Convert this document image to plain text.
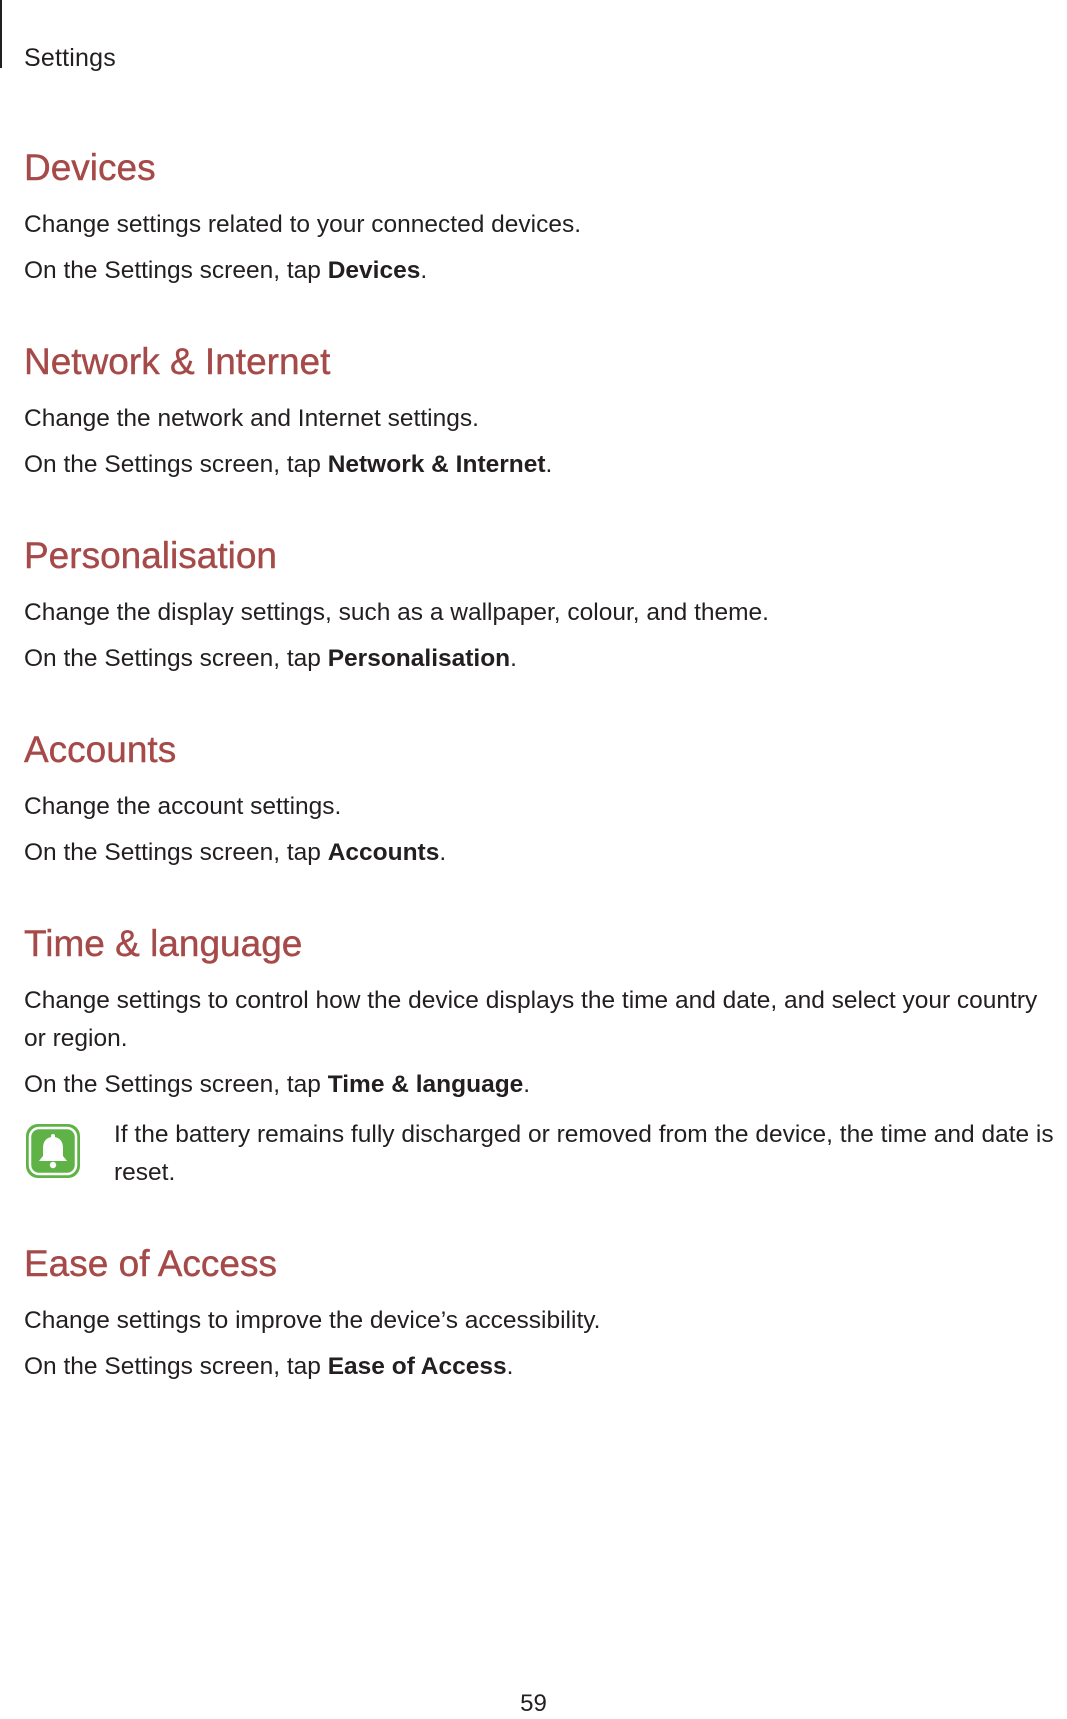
Settings
Devices

Change settings related to your connected devices.

On the Settings screen, tap Devices.

Network & Internet

Change the network and Internet settings.

On the Settings screen, tap Network & Internet.

Personalisation

Change the display settings, such as a wallpaper, colour, and theme.

On the Settings screen, tap Personalisation.

Accounts

Change the account settings.

On the Settings screen, tap Accounts.

Time & language

Change settings to control how the device displays the time and date, and select your country or region.

On the Settings screen, tap Time & language.

If the battery remains fully discharged or removed from the device, the time and date is reset.

Ease of Access

Change settings to improve the device’s accessibility.

On the Settings screen, tap Ease of Access.

59
